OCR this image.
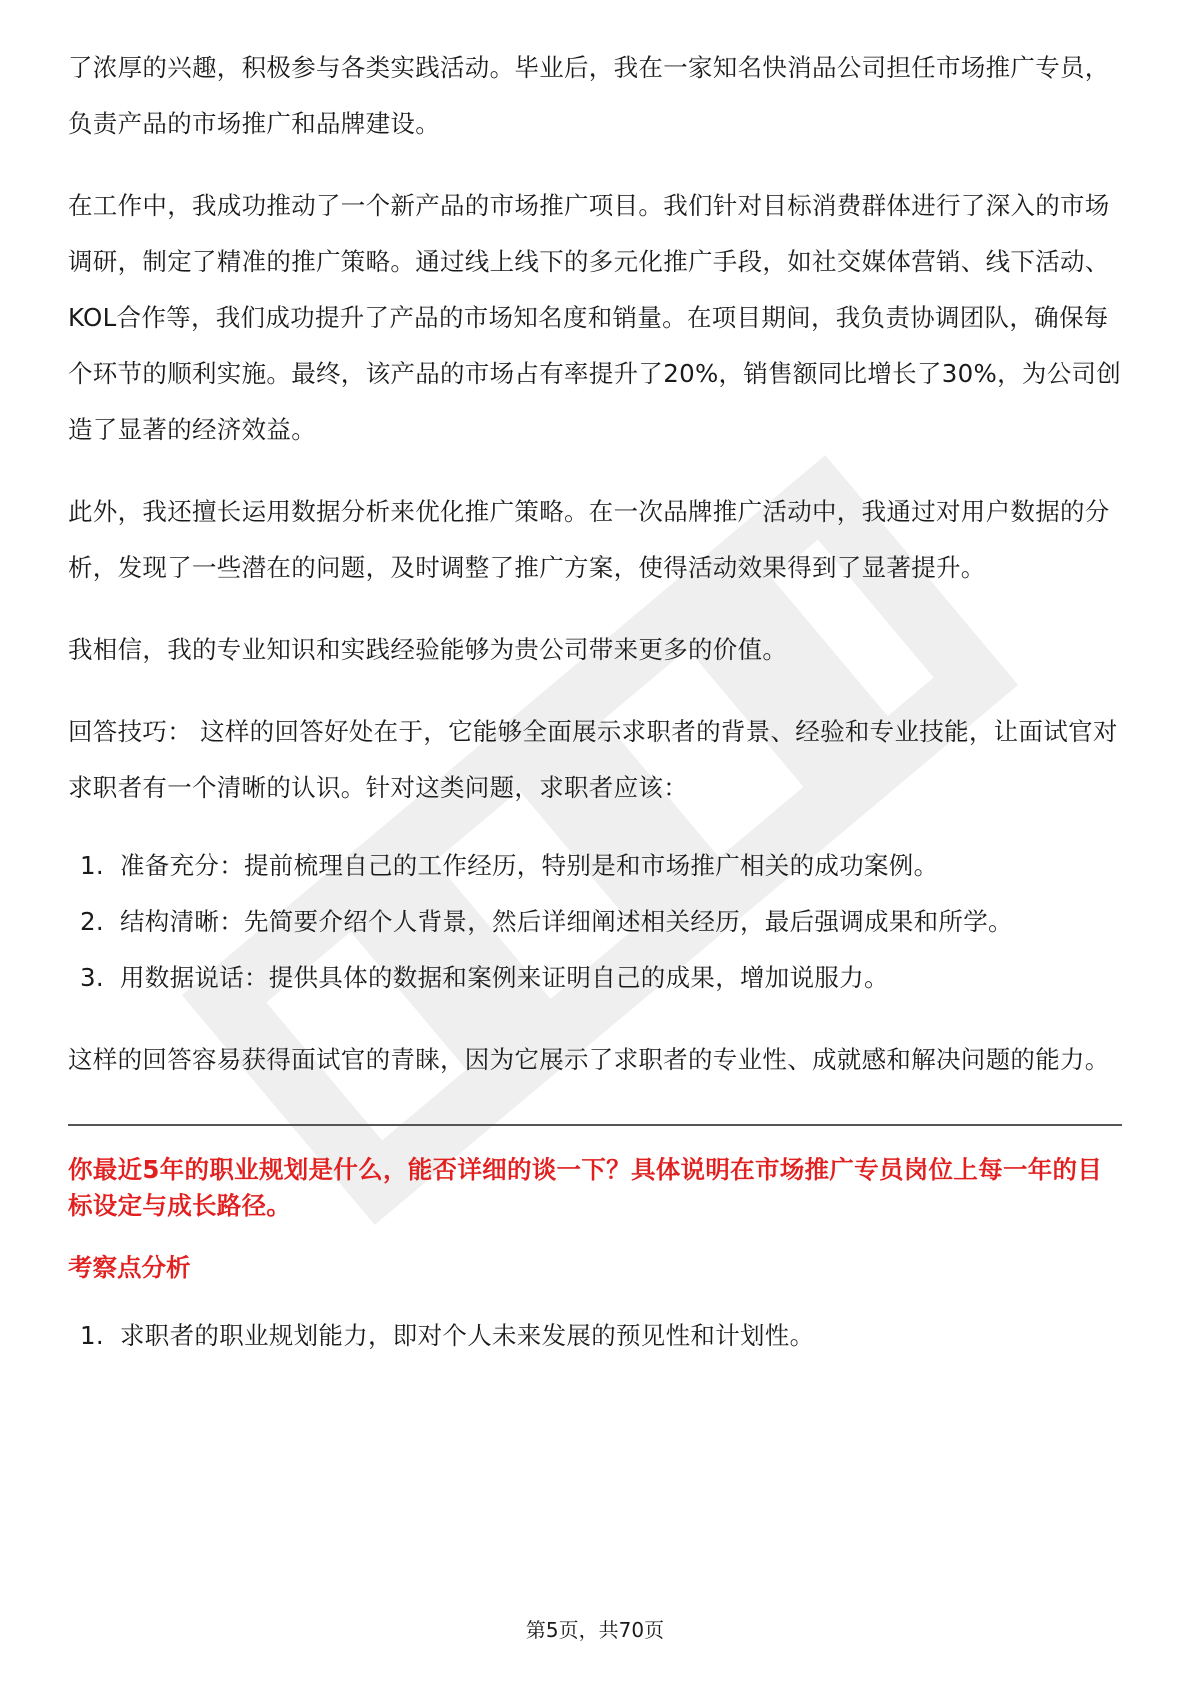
了浓厚的兴趣，积极参与各类实践活动。毕业后，我在一家知名快消品公司担任市场推广专员，负责产品的市场推广和品牌建设。

在工作中，我成功推动了一个新产品的市场推广项目。我们针对目标消费群体进行了深入的市场调研，制定了精准的推广策略。通过线上线下的多元化推广手段，如社交媒体营销、线下活动、KOL合作等，我们成功提升了产品的市场知名度和销量。在项目期间，我负责协调团队，确保每个环节的顺利实施。最终，该产品的市场占有率提升了20%，销售额同比增长了30%，为公司创造了显著的经济效益。

此外，我还擅长运用数据分析来优化推广策略。在一次品牌推广活动中，我通过对用户数据的分析，发现了一些潜在的问题，及时调整了推广方案，使得活动效果得到了显著提升。

我相信，我的专业知识和实践经验能够为贵公司带来更多的价值。

回答技巧： 这样的回答好处在于，它能够全面展示求职者的背景、经验和专业技能，让面试官对求职者有一个清晰的认识。针对这类问题，求职者应该：

1. 准备充分：提前梳理自己的工作经历，特别是和市场推广相关的成功案例。
2. 结构清晰：先简要介绍个人背景，然后详细阐述相关经历，最后强调成果和所学。
3. 用数据说话：提供具体的数据和案例来证明自己的成果，增加说服力。

这样的回答容易获得面试官的青睐，因为它展示了求职者的专业性、成就感和解决问题的能力。

你最近5年的职业规划是什么，能否详细的谈一下？具体说明在市场推广专员岗位上每一年的目标设定与成长路径。

考察点分析

1. 求职者的职业规划能力，即对个人未来发展的预见性和计划性。
第5页，共70页
